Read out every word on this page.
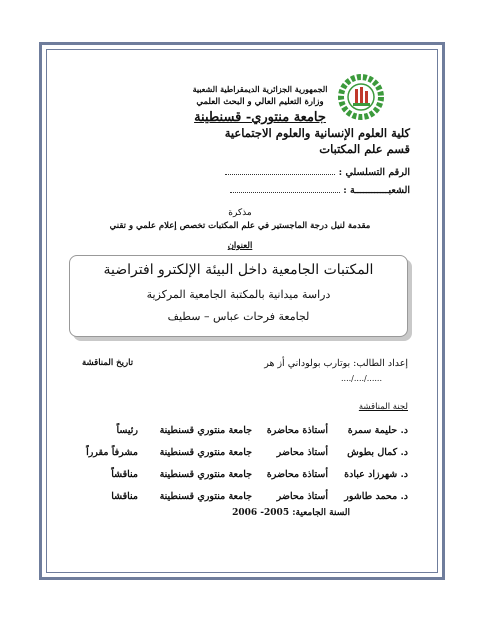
الجمهورية الجزائرية الديمقراطية الشعبية
وزارة التعليم العالي و البحث العلمي
جامعة منتوري- قسنطينة
كلية العلوم الإنسانية والعلوم الاجتماعية
قسم علم المكتبات
الرقم التسلسلي :
الشعبــــــــــــة :
مذكرة
مقدمة لنيل درجة الماجستير في علم المكتبات تخصص إعلام علمي و تقني
العنوان
المكتبات الجامعية داخل البيئة الإلكترو افتراضية
دراسة ميدانية بالمكتبة الجامعية المركزية
لجامعة فرحات عباس – سطيف
إعداد الطالب: بوتارب بولوداني أز هر
تاريخ المناقشة
..../..../......
لجنة المناقشة
د. حليمة سمرة
أستاذة محاضرة
جامعة منتوري قسنطينة
رئيساً
د. كمال بطوش
أستاذ محاضر
جامعة منتوري قسنطينة
مشرفاً مقرراً
د. شهرزاد عبادة
أستاذة محاضرة
جامعة منتوري قسنطينة
مناقشاً
د. محمد طاشور
أستاذ محاضر
جامعة منتوري قسنطينة
مناقشا
السنة الجامعية: 2005- 2006
